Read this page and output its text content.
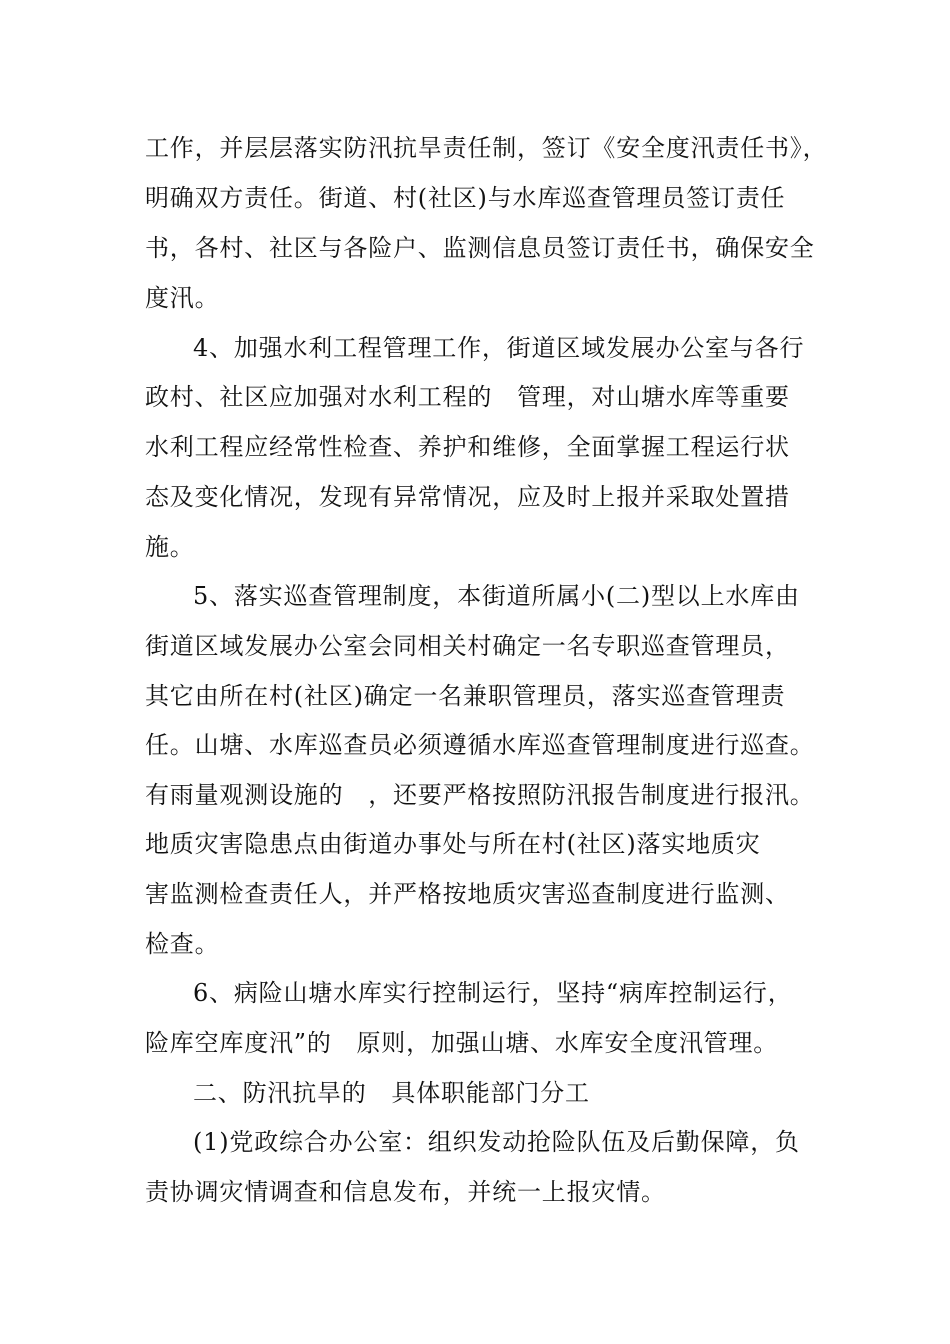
工作，并层层落实防汛抗旱责任制，签订《安全度汛责任书》，
明确双方责任。街道、村(社区)与水库巡查管理员签订责任
书，各村、社区与各险户、监测信息员签订责任书，确保安全
度汛。
4、加强水利工程管理工作，街道区域发展办公室与各行
政村、社区应加强对水利工程的　管理，对山塘水库等重要
水利工程应经常性检查、养护和维修，全面掌握工程运行状
态及变化情况，发现有异常情况，应及时上报并采取处置措
施。
5、落实巡查管理制度，本街道所属小(二)型以上水库由
街道区域发展办公室会同相关村确定一名专职巡查管理员，
其它由所在村(社区)确定一名兼职管理员，落实巡查管理责
任。山塘、水库巡查员必须遵循水库巡查管理制度进行巡查。
有雨量观测设施的　，还要严格按照防汛报告制度进行报汛。
地质灾害隐患点由街道办事处与所在村(社区)落实地质灾
害监测检查责任人，并严格按地质灾害巡查制度进行监测、
检查。
6、病险山塘水库实行控制运行，坚持“病库控制运行，
险库空库度汛”的　原则，加强山塘、水库安全度汛管理。
二、防汛抗旱的　具体职能部门分工
(1)党政综合办公室：组织发动抢险队伍及后勤保障，负
责协调灾情调查和信息发布，并统一上报灾情。
